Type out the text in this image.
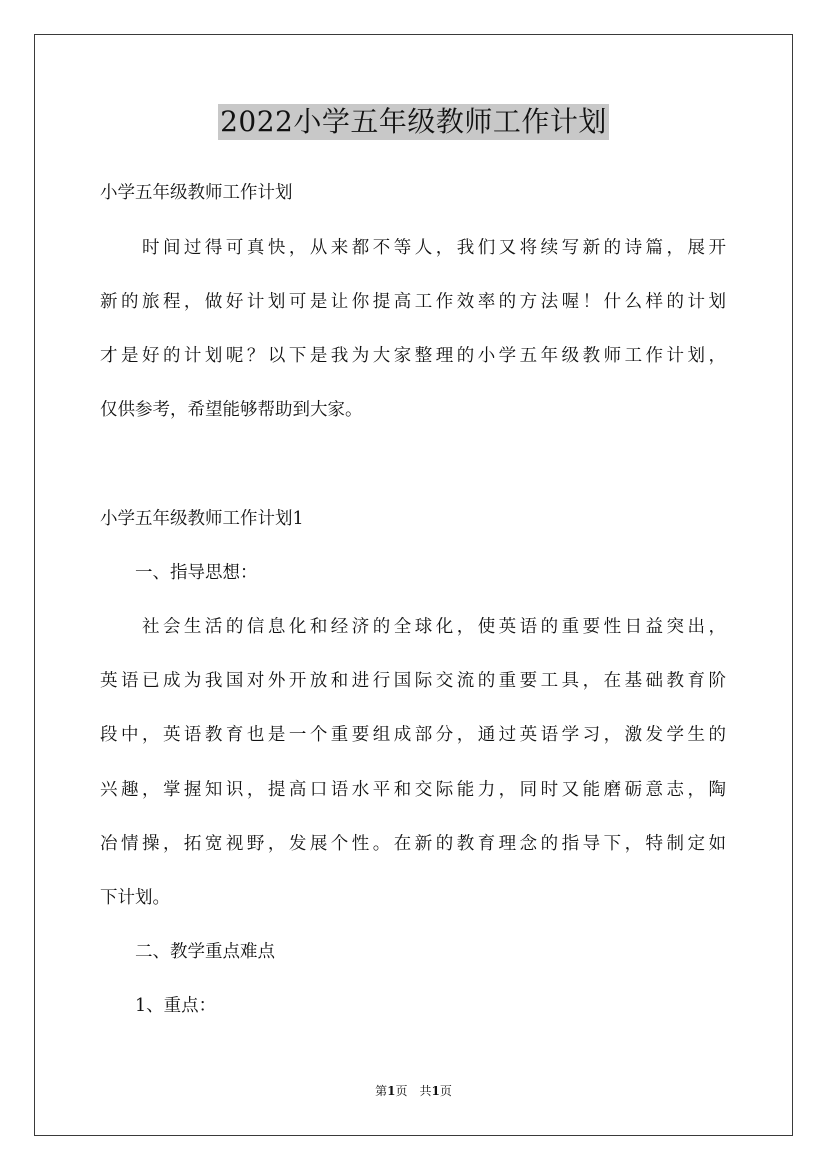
2022小学五年级教师工作计划
小学五年级教师工作计划
　　时间过得可真快，从来都不等人，我们又将续写新的诗篇，展开
新的旅程，做好计划可是让你提高工作效率的方法喔！什么样的计划
才是好的计划呢？以下是我为大家整理的小学五年级教师工作计划，
仅供参考，希望能够帮助到大家。
小学五年级教师工作计划1
　　一、指导思想：
　　社会生活的信息化和经济的全球化，使英语的重要性日益突出，
英语已成为我国对外开放和进行国际交流的重要工具，在基础教育阶
段中，英语教育也是一个重要组成部分，通过英语学习，激发学生的
兴趣，掌握知识，提高口语水平和交际能力，同时又能磨砺意志，陶
冶情操，拓宽视野，发展个性。在新的教育理念的指导下，特制定如
下计划。
　　二、教学重点难点
　　1、重点：
第1页　共1页
